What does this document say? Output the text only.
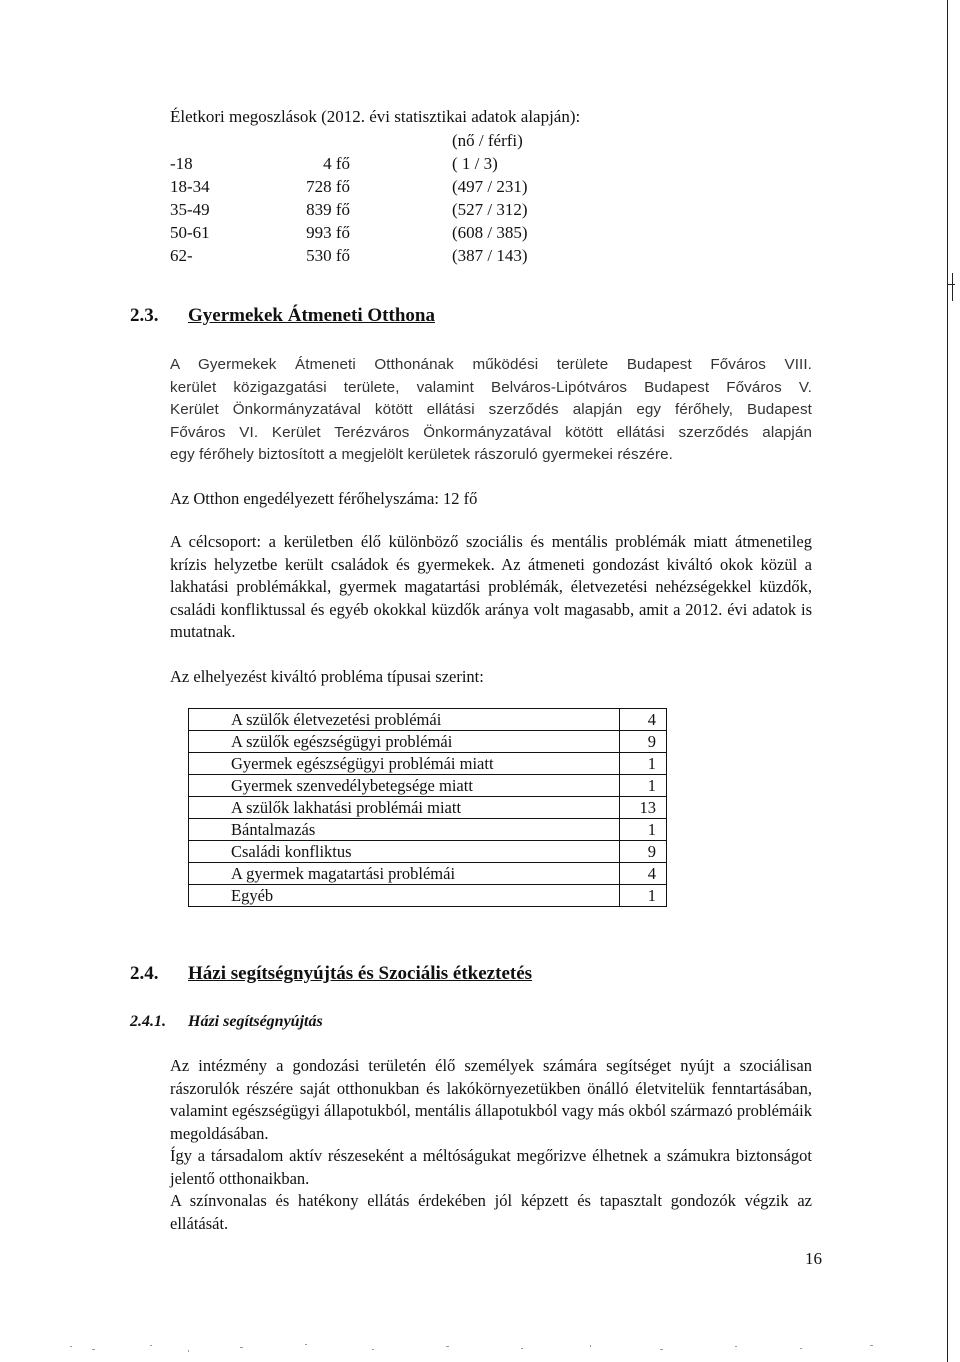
Életkori megoszlások (2012. évi statisztikai adatok alapján):
(nő / férfi)
-18	4 fő	( 1 / 3)
18-34	728 fő	(497 / 231)
35-49	839 fő	(527 / 312)
50-61	993 fő	(608 / 385)
62-	530 fő	(387 / 143)
2.3. Gyermekek Átmeneti Otthona
A Gyermekek Átmeneti Otthonának működési területe Budapest Főváros VIII.
kerület közigazgatási területe, valamint Belváros-Lipótváros Budapest Főváros V.
Kerület Önkormányzatával kötött ellátási szerződés alapján egy férőhely, Budapest
Főváros VI. Kerület Terézváros Önkormányzatával kötött ellátási szerződés alapján
egy férőhely biztosított a megjelölt kerületek rászoruló gyermekei részére.
Az Otthon engedélyezett férőhelyszáma: 12 fő
A célcsoport: a kerületben élő különböző szociális és mentális problémák miatt átmenetileg krízis helyzetbe került családok és gyermekek. Az átmeneti gondozást kiváltó okok közül a lakhatási problémákkal, gyermek magatartási problémák, életvezetési nehézségekkel küzdők, családi konfliktussal és egyéb okokkal küzdők aránya volt magasabb, amit a 2012. évi adatok is mutatnak.
Az elhelyezést kiváltó probléma típusai szerint:
A szülők életvezetési problémái	4
A szülők egészségügyi problémái	9
Gyermek egészségügyi problémái miatt	1
Gyermek szenvedélybetegsége miatt	1
A szülők lakhatási problémái miatt	13
Bántalmazás	1
Családi konfliktus	9
A gyermek magatartási problémái	4
Egyéb	1
2.4. Házi segítségnyújtás és Szociális étkeztetés
2.4.1. Házi segítségnyújtás
Az intézmény a gondozási területén élő személyek számára segítséget nyújt a szociálisan rászorulók részére saját otthonukban és lakókörnyezetükben önálló életvitelük fenntartásában, valamint egészségügyi állapotukból, mentális állapotukból vagy más okból származó problémáik megoldásában.
Így a társadalom aktív részeseként a méltóságukat megőrizve élhetnek a számukra biztonságot jelentő otthonaikban.
A színvonalas és hatékony ellátás érdekében jól képzett és tapasztalt gondozók végzik az ellátását.
16
